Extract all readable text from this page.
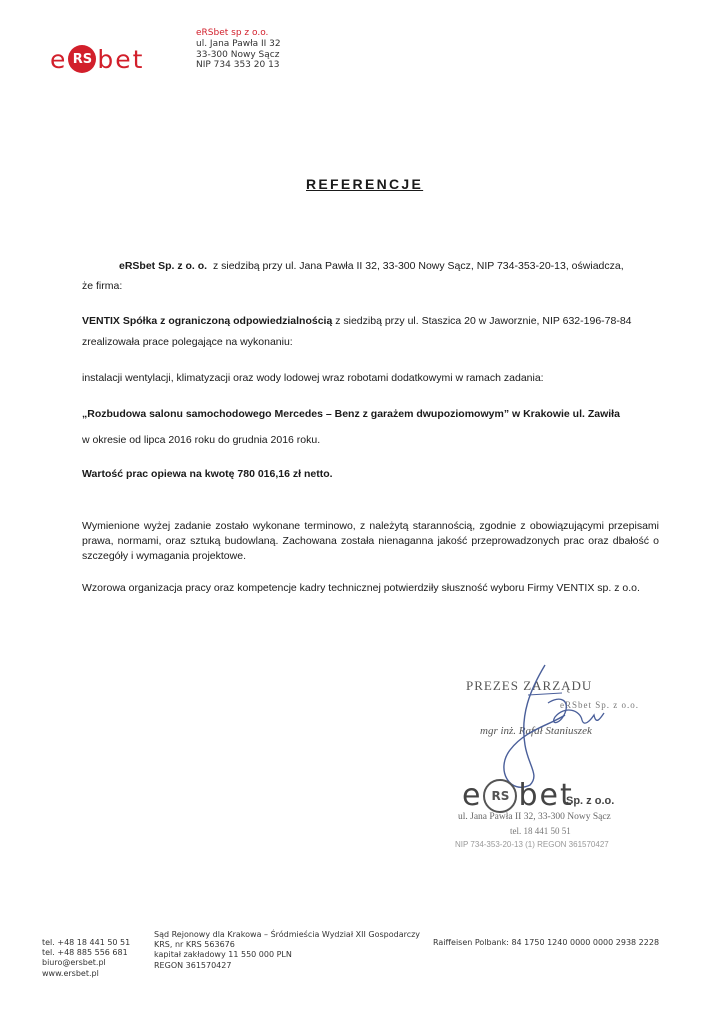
e RS bet
eRSbet sp z o.o.
ul. Jana Pawła II 32
33-300 Nowy Sącz
NIP 734 353 20 13
REFERENCJE
eRSbet Sp. z o. o. z siedzibą przy ul. Jana Pawła II 32, 33-300 Nowy Sącz, NIP 734-353-20-13, oświadcza,
że firma:
VENTIX Spółka z ograniczoną odpowiedzialnością z siedzibą przy ul. Staszica 20 w Jaworznie, NIP 632-196-78-84
zrealizowała prace polegające na wykonaniu:
instalacji wentylacji, klimatyzacji oraz wody lodowej wraz robotami dodatkowymi w ramach zadania:
„Rozbudowa salonu samochodowego Mercedes – Benz z garażem dwupoziomowym” w Krakowie ul. Zawiła
w okresie od lipca 2016 roku do grudnia 2016 roku.
Wartość prac opiewa na kwotę 780 016,16 zł netto.
Wymienione wyżej zadanie zostało wykonane terminowo, z należytą starannością, zgodnie z obowiązującymi przepisami prawa, normami, oraz sztuką budowlaną. Zachowana została nienaganna jakość przeprowadzonych prac oraz dbałość o szczegóły i wymagania projektowe.
Wzorowa organizacja pracy oraz kompetencje kadry technicznej potwierdziły słuszność wyboru Firmy VENTIX sp. z o.o.
PREZES ZARZĄDU
eRSbet Sp. z o.o.
mgr inż. Rafał Staniuszek
e RS bet
Sp. z o.o.
ul. Jana Pawła II 32, 33-300 Nowy Sącz
tel. 18 441 50 51
NIP 734-353-20-13 (1) REGON 361570427
tel. +48 18 441 50 51
tel. +48 885 556 681
biuro@ersbet.pl
www.ersbet.pl
Sąd Rejonowy dla Krakowa – Śródmieścia Wydział XII Gospodarczy
KRS, nr KRS 563676
kapitał zakładowy 11 550 000 PLN
REGON 361570427
Raiffeisen Polbank: 84 1750 1240 0000 0000 2938 2228
